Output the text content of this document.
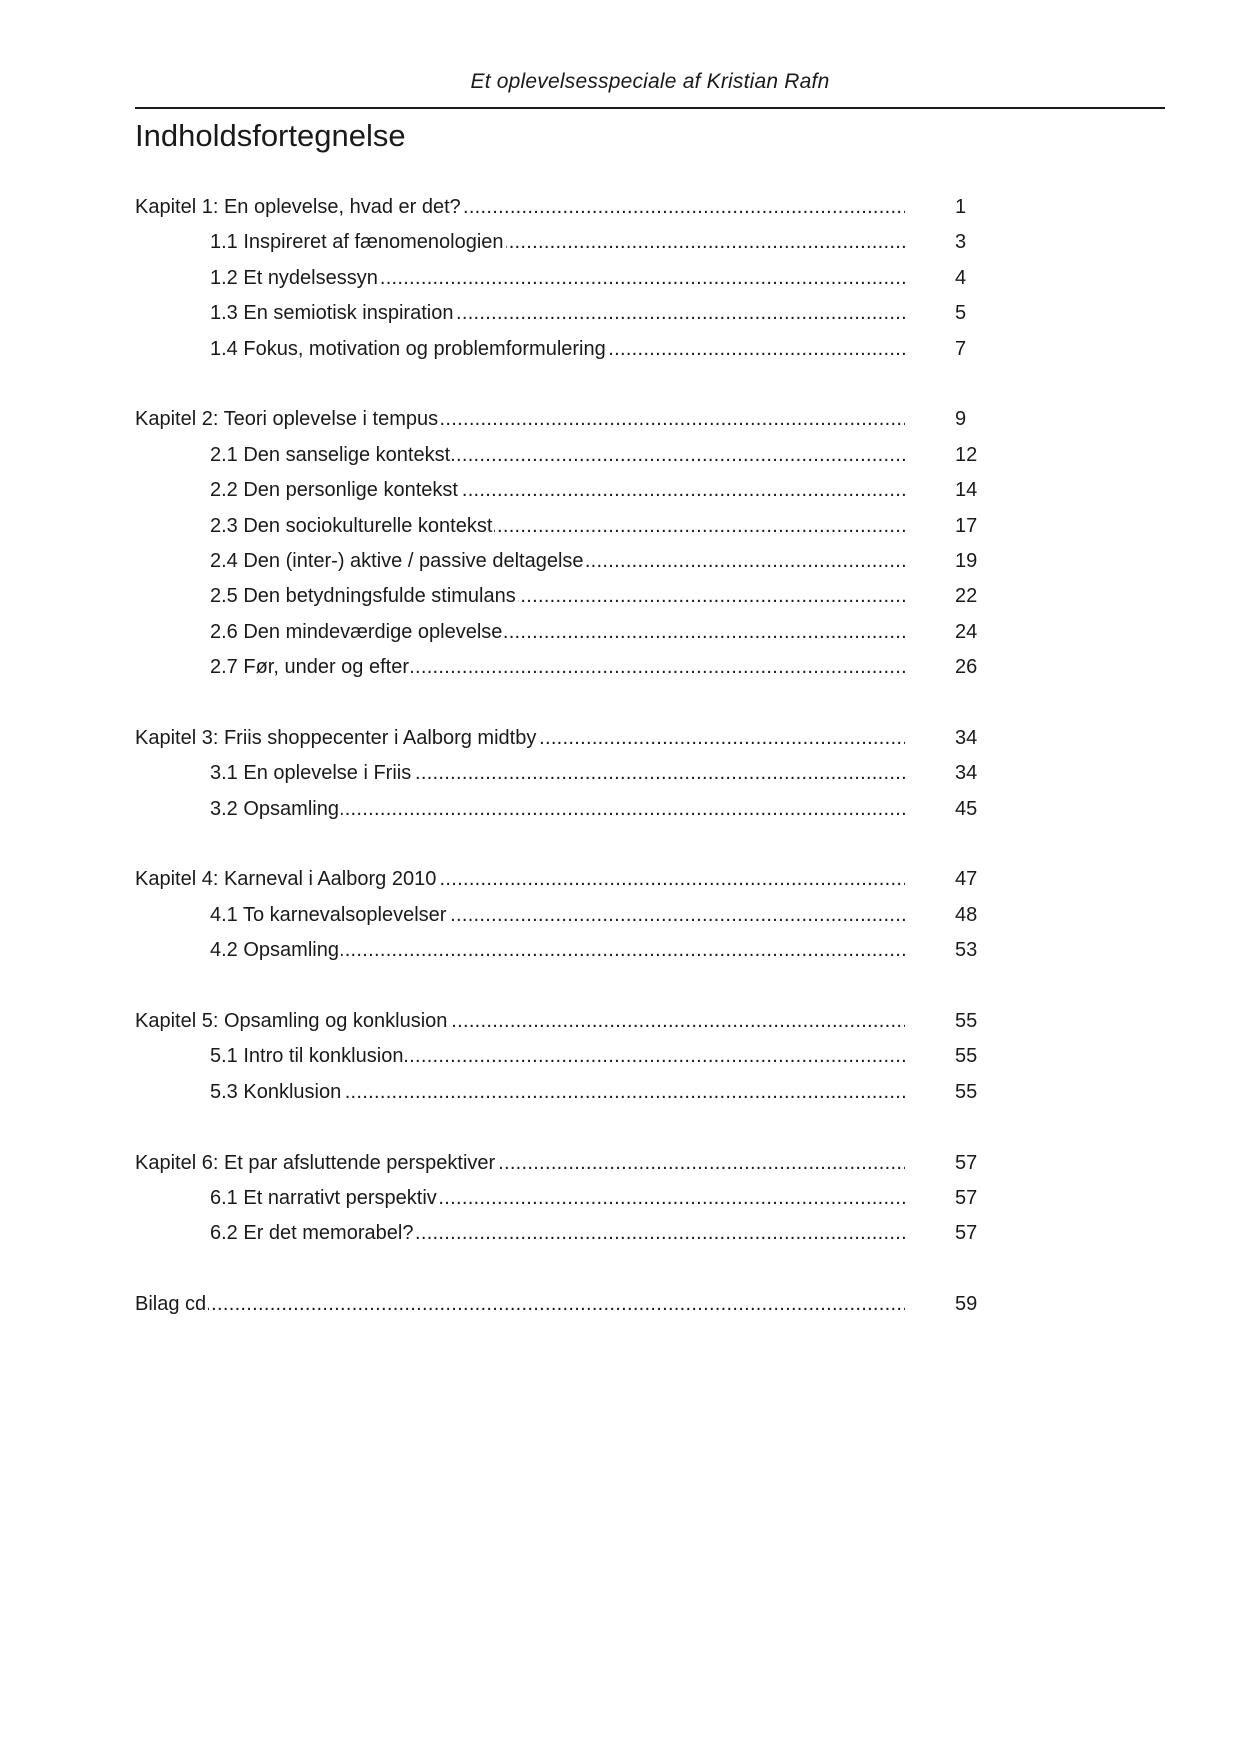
Et oplevelsesspeciale af Kristian Rafn
Indholdsfortegnelse
Kapitel 1: En oplevelse, hvad er det? .....	1
1.1 Inspireret af fænomenologien .....	3
1.2 Et nydelsessyn .....	4
1.3 En semiotisk inspiration .....	5
1.4 Fokus, motivation og problemformulering .....	7
Kapitel 2: Teori oplevelse i tempus .....	9
2.1 Den sanselige kontekst .....	12
2.2 Den personlige kontekst .....	14
2.3 Den sociokulturelle kontekst .....	17
2.4 Den (inter-) aktive / passive deltagelse .....	19
2.5 Den betydningsfulde stimulans .....	22
2.6 Den mindeværdige oplevelse .....	24
2.7 Før, under og efter .....	26
Kapitel 3: Friis shoppecenter i Aalborg midtby .....	34
3.1 En oplevelse i Friis .....	34
3.2 Opsamling .....	45
Kapitel 4: Karneval i Aalborg 2010 .....	47
4.1 To karnevalsoplevelser .....	48
4.2 Opsamling .....	53
Kapitel 5: Opsamling og konklusion .....	55
5.1 Intro til konklusion .....	55
5.3 Konklusion .....	55
Kapitel 6: Et par afsluttende perspektiver .....	57
6.1 Et narrativt perspektiv .....	57
6.2 Er det memorabel? .....	57
Bilag cd .....	59
